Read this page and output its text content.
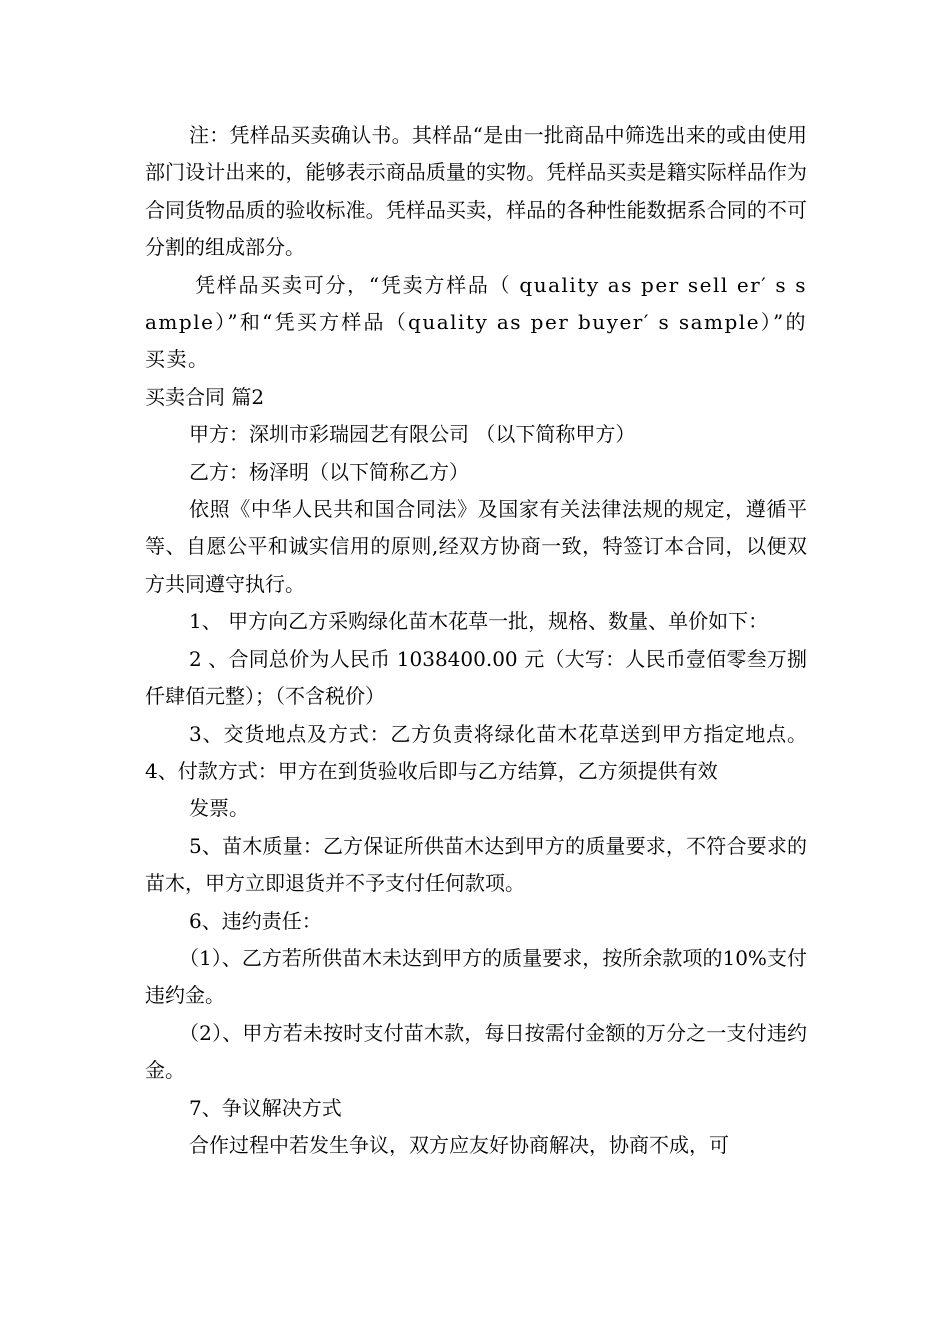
注：凭样品买卖确认书。其样品“是由一批商品中筛选出来的或由使用部门设计出来的，能够表示商品质量的实物。凭样品买卖是籍实际样品作为合同货物品质的验收标准。凭样品买卖，样品的各种性能数据系合同的不可分割的组成部分。

凭样品买卖可分，“凭卖方样品（ quality as per sell er′ s sample）”和“凭买方样品（quality as per buyer′ s sample）”的买卖。

买卖合同 篇2

甲方：深圳市彩瑞园艺有限公司 （以下简称甲方）

乙方：杨泽明（以下简称乙方）

依照《中华人民共和国合同法》及国家有关法律法规的规定，遵循平等、自愿公平和诚实信用的原则,经双方协商一致，特签订本合同，以便双方共同遵守执行。

1、 甲方向乙方采购绿化苗木花草一批，规格、数量、单价如下：

2 、合同总价为人民币 1038400.00 元（大写：人民币壹佰零叁万捌仟肆佰元整）；（不含税价）

3、交货地点及方式：乙方负责将绿化苗木花草送到甲方指定地点。 4、付款方式：甲方在到货验收后即与乙方结算，乙方须提供有效

发票。

5、苗木质量：乙方保证所供苗木达到甲方的质量要求，不符合要求的苗木，甲方立即退货并不予支付任何款项。

6、违约责任：

（1）、乙方若所供苗木未达到甲方的质量要求，按所余款项的10%支付违约金。

（2）、甲方若未按时支付苗木款，每日按需付金额的万分之一支付违约金。

7、争议解决方式

合作过程中若发生争议，双方应友好协商解决，协商不成，可
